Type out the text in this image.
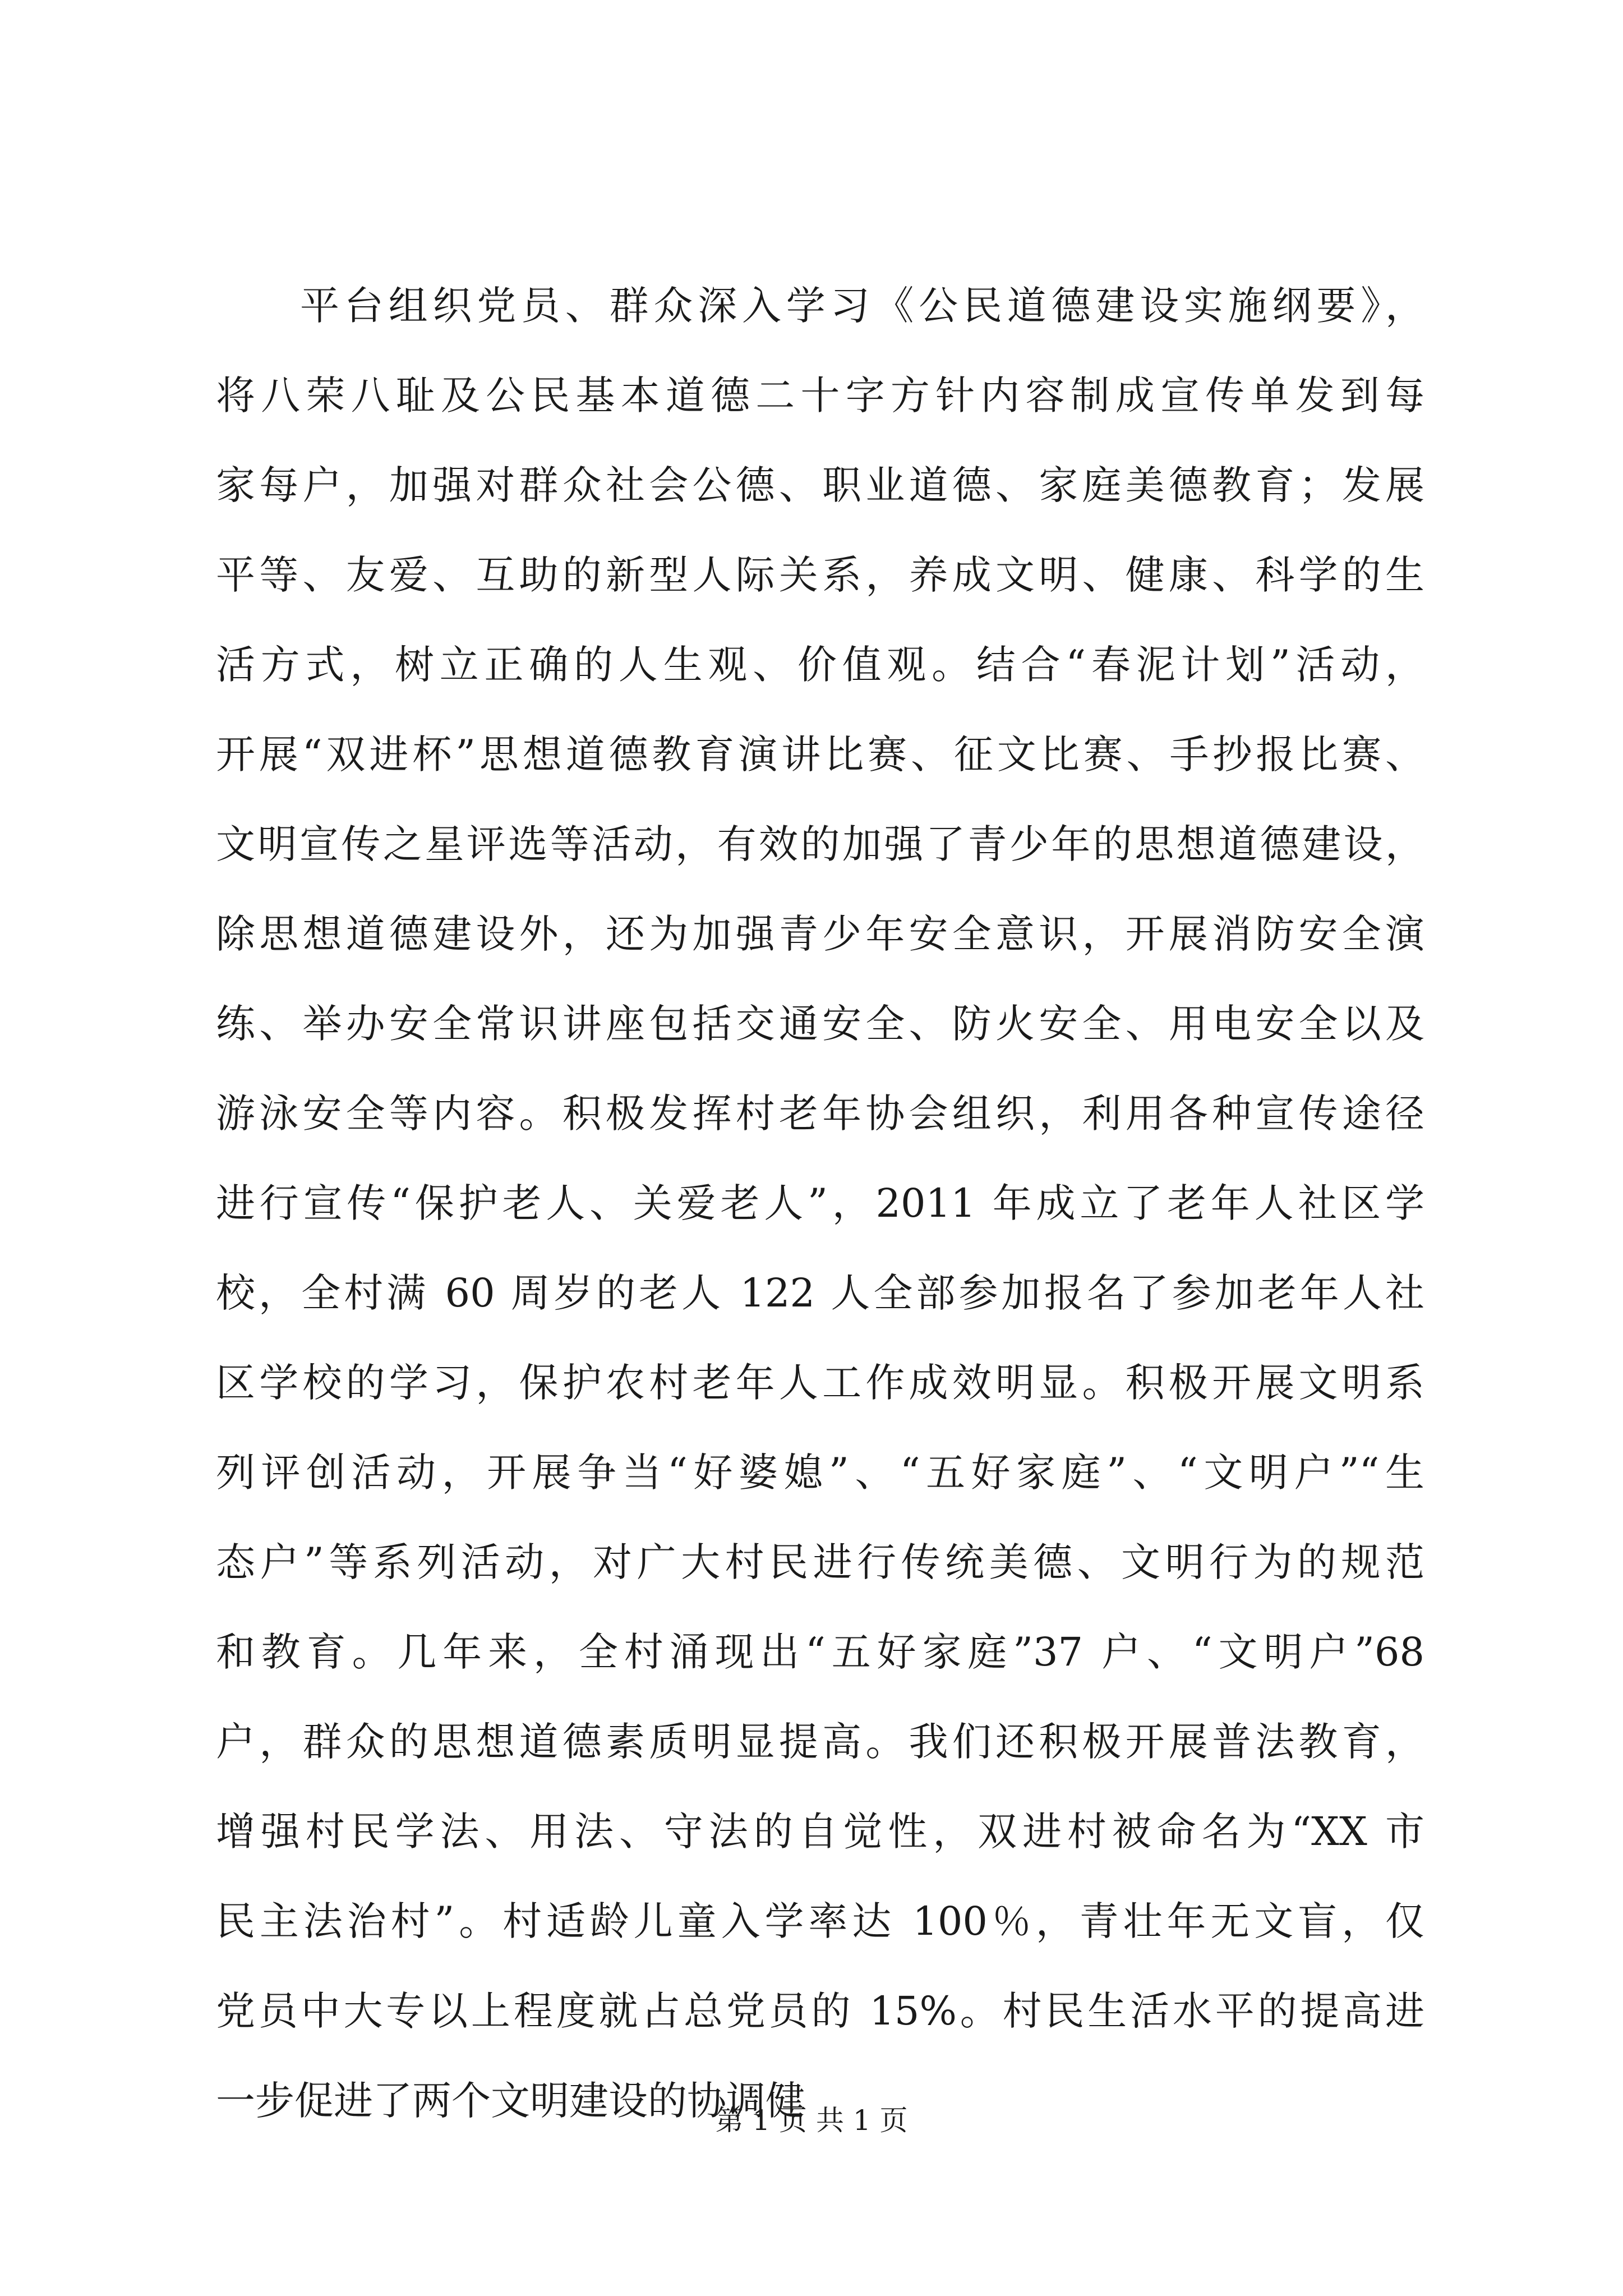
平台组织党员、群众深入学习《公民道德建设实施纲要》，
将八荣八耻及公民基本道德二十字方针内容制成宣传单发到每
家每户，加强对群众社会公德、职业道德、家庭美德教育；发展
平等、友爱、互助的新型人际关系，养成文明、健康、科学的生
活方式，树立正确的人生观、价值观。结合“春泥计划”活动，
开展“双进杯”思想道德教育演讲比赛、征文比赛、手抄报比赛、
文明宣传之星评选等活动，有效的加强了青少年的思想道德建设，
除思想道德建设外，还为加强青少年安全意识，开展消防安全演
练、举办安全常识讲座包括交通安全、防火安全、用电安全以及
游泳安全等内容。积极发挥村老年协会组织，利用各种宣传途径
进行宣传“保护老人、关爱老人”，2011 年成立了老年人社区学
校，全村满 60 周岁的老人 122 人全部参加报名了参加老年人社
区学校的学习，保护农村老年人工作成效明显。积极开展文明系
列评创活动，开展争当“好婆媳”、“五好家庭”、“文明户”“生
态户”等系列活动，对广大村民进行传统美德、文明行为的规范
和教育。几年来，全村涌现出“五好家庭”37 户、“文明户”68
户，群众的思想道德素质明显提高。我们还积极开展普法教育，
增强村民学法、用法、守法的自觉性，双进村被命名为“XX 市
民主法治村”。村适龄儿童入学率达 100％，青壮年无文盲，仅
党员中大专以上程度就占总党员的 15%。村民生活水平的提高进
一步促进了两个文明建设的协调健
第 1 页 共 1 页
